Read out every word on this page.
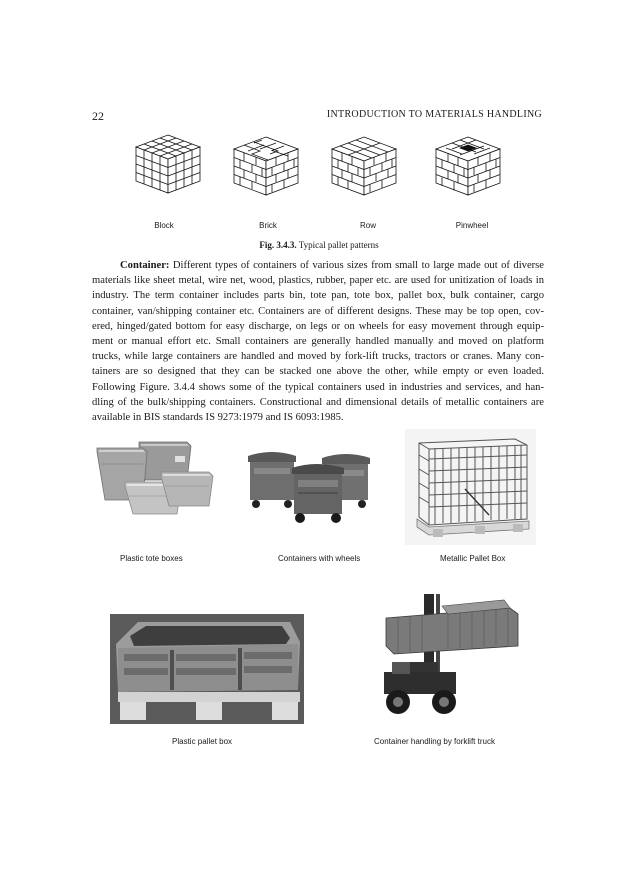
22	INTRODUCTION TO MATERIALS HANDLING
Block	Brick	Row	Pinwheel
Fig. 3.4.3. Typical pallet patterns
Container: Different types of containers of various sizes from small to large made out of diverse
materials like sheet metal, wire net, wood, plastics, rubber, paper etc. are used for unitization of loads in
industry. The term container includes parts bin, tote pan, tote box, pallet box, bulk container, cargo
container, van/shipping container etc. Containers are of different designs. These may be top open, cov-
ered, hinged/gated bottom for easy discharge, on legs or on wheels for easy movement through equip-
ment or manual effort etc. Small containers are generally handled manually and moved on platform
trucks, while large containers are handled and moved by fork-lift trucks, tractors or cranes. Many con-
tainers are so designed that they can be stacked one above the other, while empty or even loaded.
Following Figure. 3.4.4 shows some of the typical containers used in industries and services, and han-
dling of the bulk/shipping containers. Constructional and dimensional details of metallic containers are
available in BIS standards IS 9273:1979 and IS 6093:1985.
Plastic tote boxes	Containers with wheels	Metallic Pallet Box
Plastic pallet box	Container handling by forklift truck
